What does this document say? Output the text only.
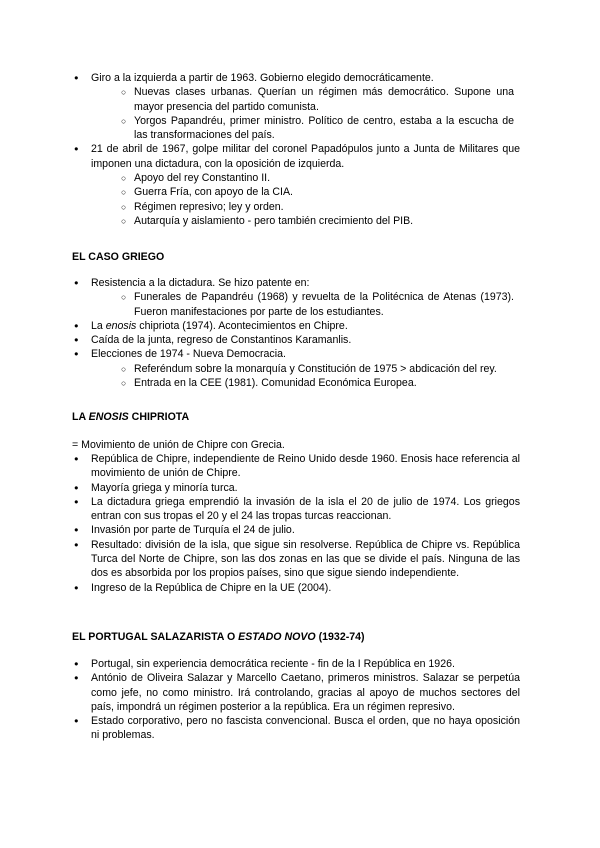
● Giro a la izquierda a partir de 1963. Gobierno elegido democráticamente.
○ Nuevas clases urbanas. Querían un régimen más democrático. Supone una mayor presencia del partido comunista.
○ Yorgos Papandréu, primer ministro. Político de centro, estaba a la escucha de las transformaciones del país.
● 21 de abril de 1967, golpe militar del coronel Papadópulos junto a Junta de Militares que imponen una dictadura, con la oposición de izquierda.
○ Apoyo del rey Constantino II.
○ Guerra Fría, con apoyo de la CIA.
○ Régimen represivo; ley y orden.
○ Autarquía y aislamiento - pero también crecimiento del PIB.
EL CASO GRIEGO
● Resistencia a la dictadura. Se hizo patente en:
○ Funerales de Papandréu (1968) y revuelta de la Politécnica de Atenas (1973). Fueron manifestaciones por parte de los estudiantes.
● La enosis chipriota (1974). Acontecimientos en Chipre.
● Caída de la junta, regreso de Constantinos Karamanlis.
● Elecciones de 1974 - Nueva Democracia.
○ Referéndum sobre la monarquía y Constitución de 1975 > abdicación del rey.
○ Entrada en la CEE (1981). Comunidad Económica Europea.
LA ENOSIS CHIPRIOTA
= Movimiento de unión de Chipre con Grecia.
● República de Chipre, independiente de Reino Unido desde 1960. Enosis hace referencia al movimiento de unión de Chipre.
● Mayoría griega y minoría turca.
● La dictadura griega emprendió la invasión de la isla el 20 de julio de 1974. Los griegos entran con sus tropas el 20 y el 24 las tropas turcas reaccionan.
● Invasión por parte de Turquía el 24 de julio.
● Resultado: división de la isla, que sigue sin resolverse. República de Chipre vs. República Turca del Norte de Chipre, son las dos zonas en las que se divide el país. Ninguna de las dos es absorbida por los propios países, sino que sigue siendo independiente.
● Ingreso de la República de Chipre en la UE (2004).
EL PORTUGAL SALAZARISTA O ESTADO NOVO (1932-74)
● Portugal, sin experiencia democrática reciente - fin de la I República en 1926.
● António de Oliveira Salazar y Marcello Caetano, primeros ministros. Salazar se perpetúa como jefe, no como ministro. Irá controlando, gracias al apoyo de muchos sectores del país, impondrá un régimen posterior a la república. Era un régimen represivo.
● Estado corporativo, pero no fascista convencional. Busca el orden, que no haya oposición ni problemas.
